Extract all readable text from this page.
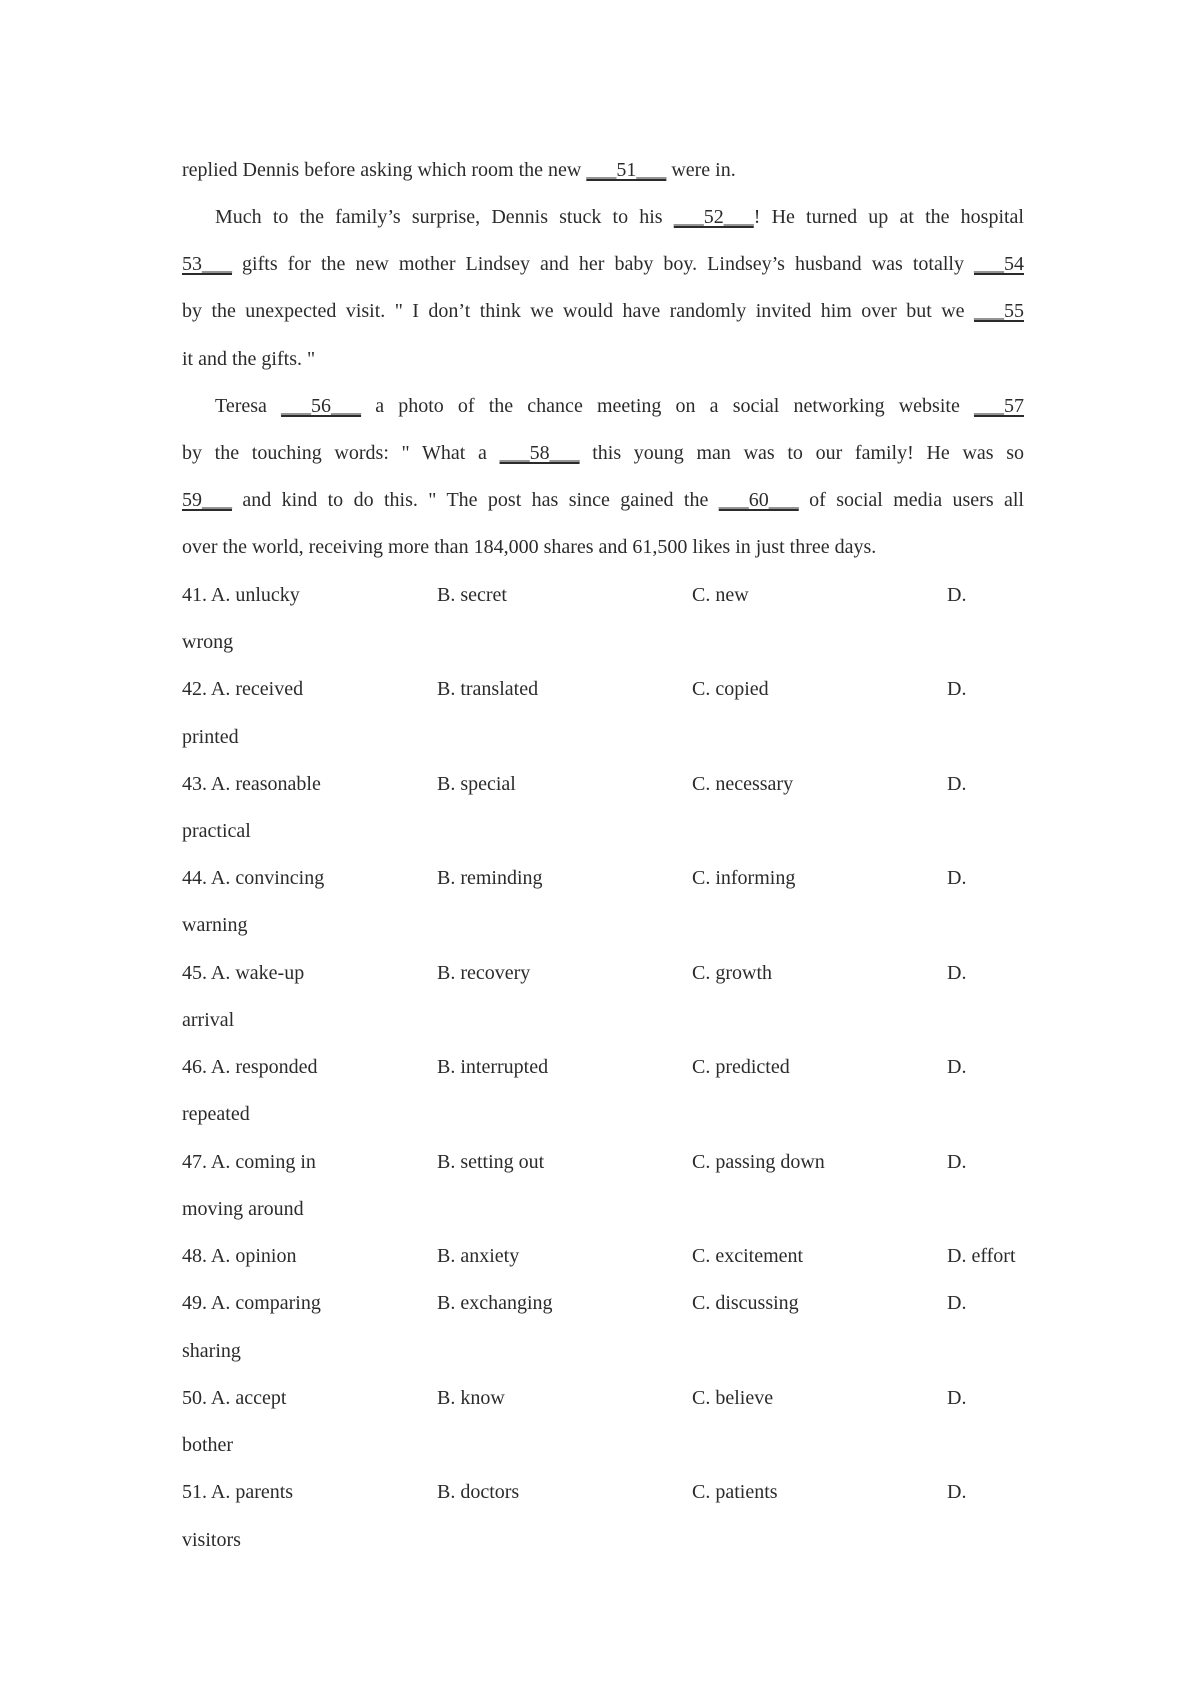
replied Dennis before asking which room the new ___51___ were in.
Much to the family’s surprise, Dennis stuck to his ___52___! He turned up at the hospital
53___ gifts for the new mother Lindsey and her baby boy. Lindsey’s husband was totally ___54
by the unexpected visit. " I don’t think we would have randomly invited him over but we ___55
it and the gifts. "
Teresa ___56___ a photo of the chance meeting on a social networking website ___57
by the touching words: " What a ___58___ this young man was to our family! He was so
59___ and kind to do this. " The post has since gained the ___60___ of social media users all
over the world, receiving more than 184,000 shares and 61,500 likes in just three days.
41. A. unlucky	B. secret	C. new	D.
wrong
42. A. received	B. translated	C. copied	D.
printed
43. A. reasonable	B. special	C. necessary	D.
practical
44. A. convincing	B. reminding	C. informing	D.
warning
45. A. wake-up	B. recovery	C. growth	D.
arrival
46. A. responded	B. interrupted	C. predicted	D.
repeated
47. A. coming in	B. setting out	C. passing down	D.
moving around
48. A. opinion	B. anxiety	C. excitement	D. effort
49. A. comparing	B. exchanging	C. discussing	D.
sharing
50. A. accept	B. know	C. believe	D.
bother
51. A. parents	B. doctors	C. patients	D.
visitors
